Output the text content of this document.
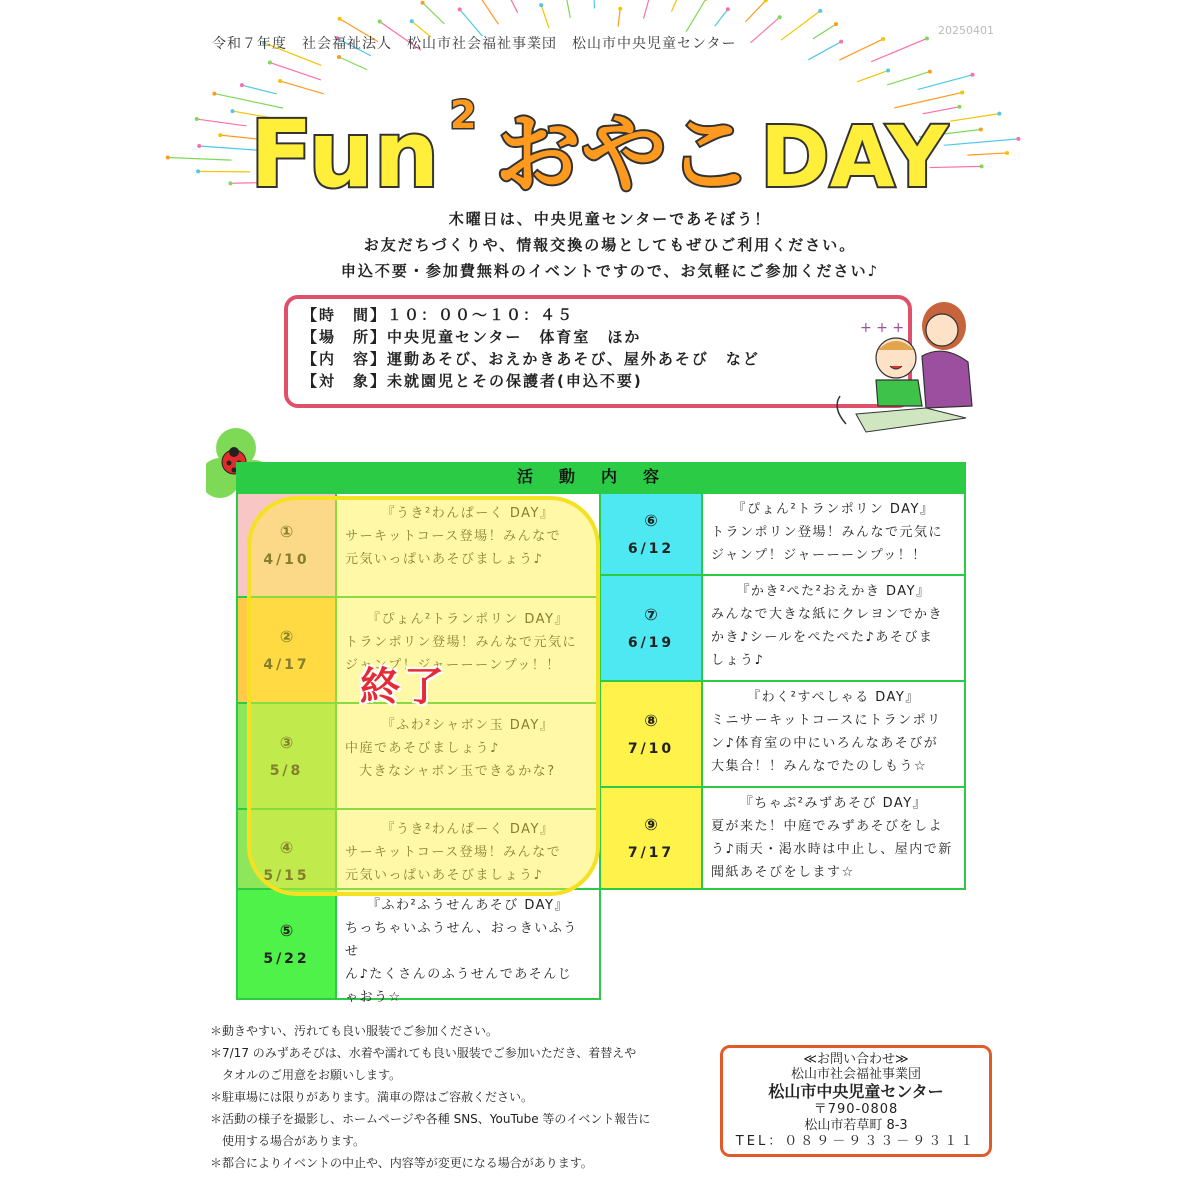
令和７年度　社会福祉法人　松山市社会福祉事業団　松山市中央児童センター
20250401
Fun 2 おやこ DAY
木曜日は、中央児童センターであそぼう！
お友だちづくりや、情報交換の場としてもぜひご利用ください。
申込不要・参加費無料のイベントですので、お気軽にご参加ください♪
【時　間】１０：００～１０：４５
【場　所】中央児童センター　体育室　ほか
【内　容】運動あそび、おえかきあそび、屋外あそび　など
【対　象】未就園児とその保護者(申込不要)
+ + +
活動内容
①
4/10
『うき²わんぱーく DAY』
サーキットコース登場！みんなで
元気いっぱいあそびましょう♪
②
4/17
『ぴょん²トランポリン DAY』
トランポリン登場！みんなで元気に
ジャンプ！ジャーーーンプッ！！
③
5/8
『ふわ²シャボン玉 DAY』
中庭であそびましょう♪
大きなシャボン玉できるかな?
④
5/15
『うき²わんぱーく DAY』
サーキットコース登場！みんなで
元気いっぱいあそびましょう♪
⑤
5/22
『ふわ²ふうせんあそび DAY』
ちっちゃいふうせん、おっきいふうせ
ん♪たくさんのふうせんであそんじ
ゃおう☆
⑥
6/12
『ぴょん²トランポリン DAY』
トランポリン登場！みんなで元気に
ジャンプ！ジャーーーンプッ！！
⑦
6/19
『かき²ぺた²おえかき DAY』
みんなで大きな紙にクレヨンでかき
かき♪シールをぺたぺた♪あそびま
しょう♪
⑧
7/10
『わく²すぺしゃる DAY』
ミニサーキットコースにトランポリ
ン♪体育室の中にいろんなあそびが
大集合！！みんなでたのしもう☆
⑨
7/17
『ちゃぷ²みずあそび DAY』
夏が来た！中庭でみずあそびをしよ
う♪雨天・渇水時は中止し、屋内で新
聞紙あそびをします☆
終了
＊動きやすい、汚れても良い服装でご参加ください。
＊7/17 のみずあそびは、水着や濡れても良い服装でご参加いただき、着替えや
タオルのご用意をお願いします。
＊駐車場には限りがあります。満車の際はご容赦ください。
＊活動の様子を撮影し、ホームページや各種 SNS、YouTube 等のイベント報告に
使用する場合があります。
＊都合によりイベントの中止や、内容等が変更になる場合があります。
≪お問い合わせ≫
松山市社会福祉事業団
松山市中央児童センター
〒790-0808
松山市若草町 8-3
TEL：０８９－９３３－９３１１
